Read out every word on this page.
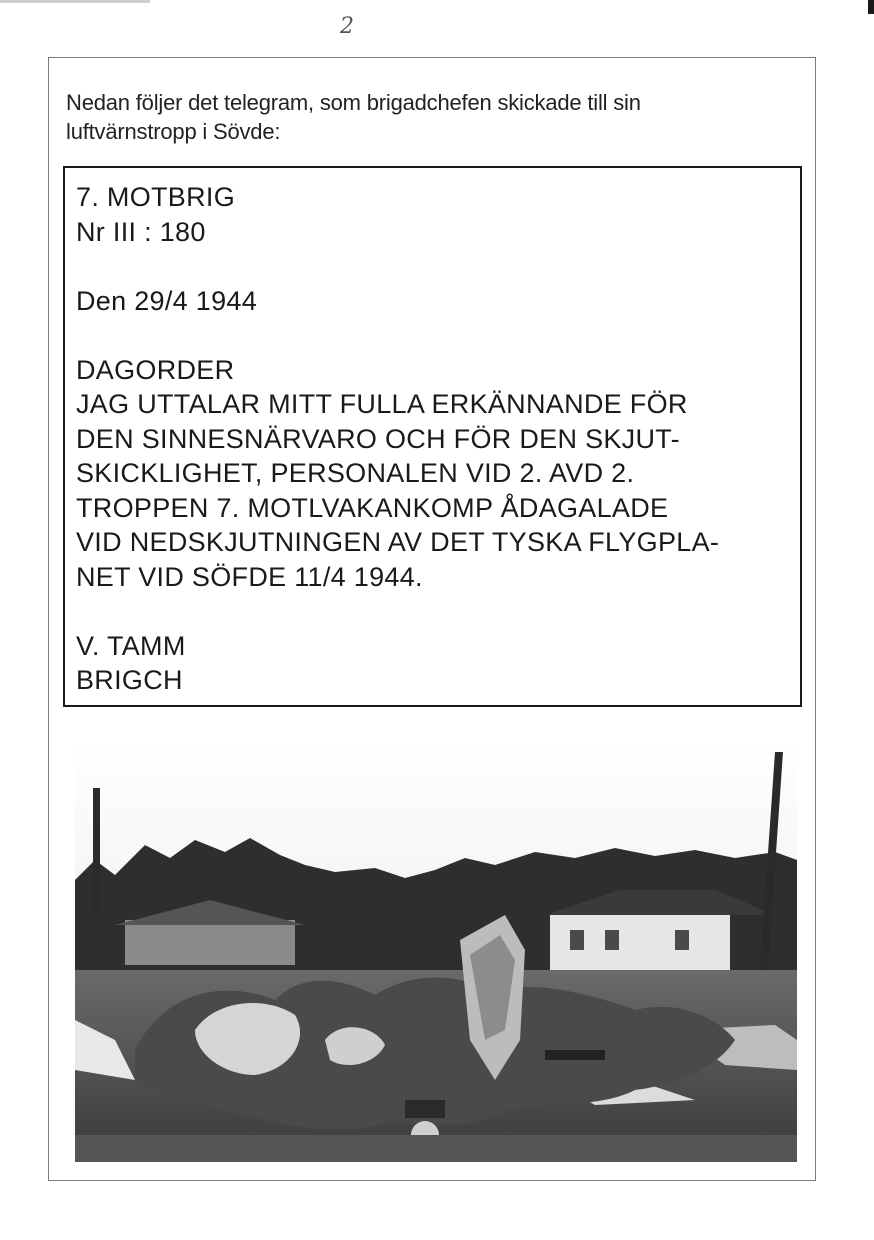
2
Nedan följer det telegram, som brigadchefen skickade till sin luftvärnstropp i Sövde:
7. MOTBRIG
Nr III : 180
Den 29/4 1944
DAGORDER
JAG UTTALAR MITT FULLA ERKÄNNANDE FÖR
DEN SINNESNÄRVARO OCH FÖR DEN SKJUT-
SKICKLIGHET, PERSONALEN VID 2. AVD 2.
TROPPEN 7. MOTLVAKANKOMP ÅDAGALADE
VID NEDSKJUTNINGEN AV DET TYSKA FLYGPLA-
NET VID SÖFDE 11/4 1944.
V. TAMM
BRIGCH
